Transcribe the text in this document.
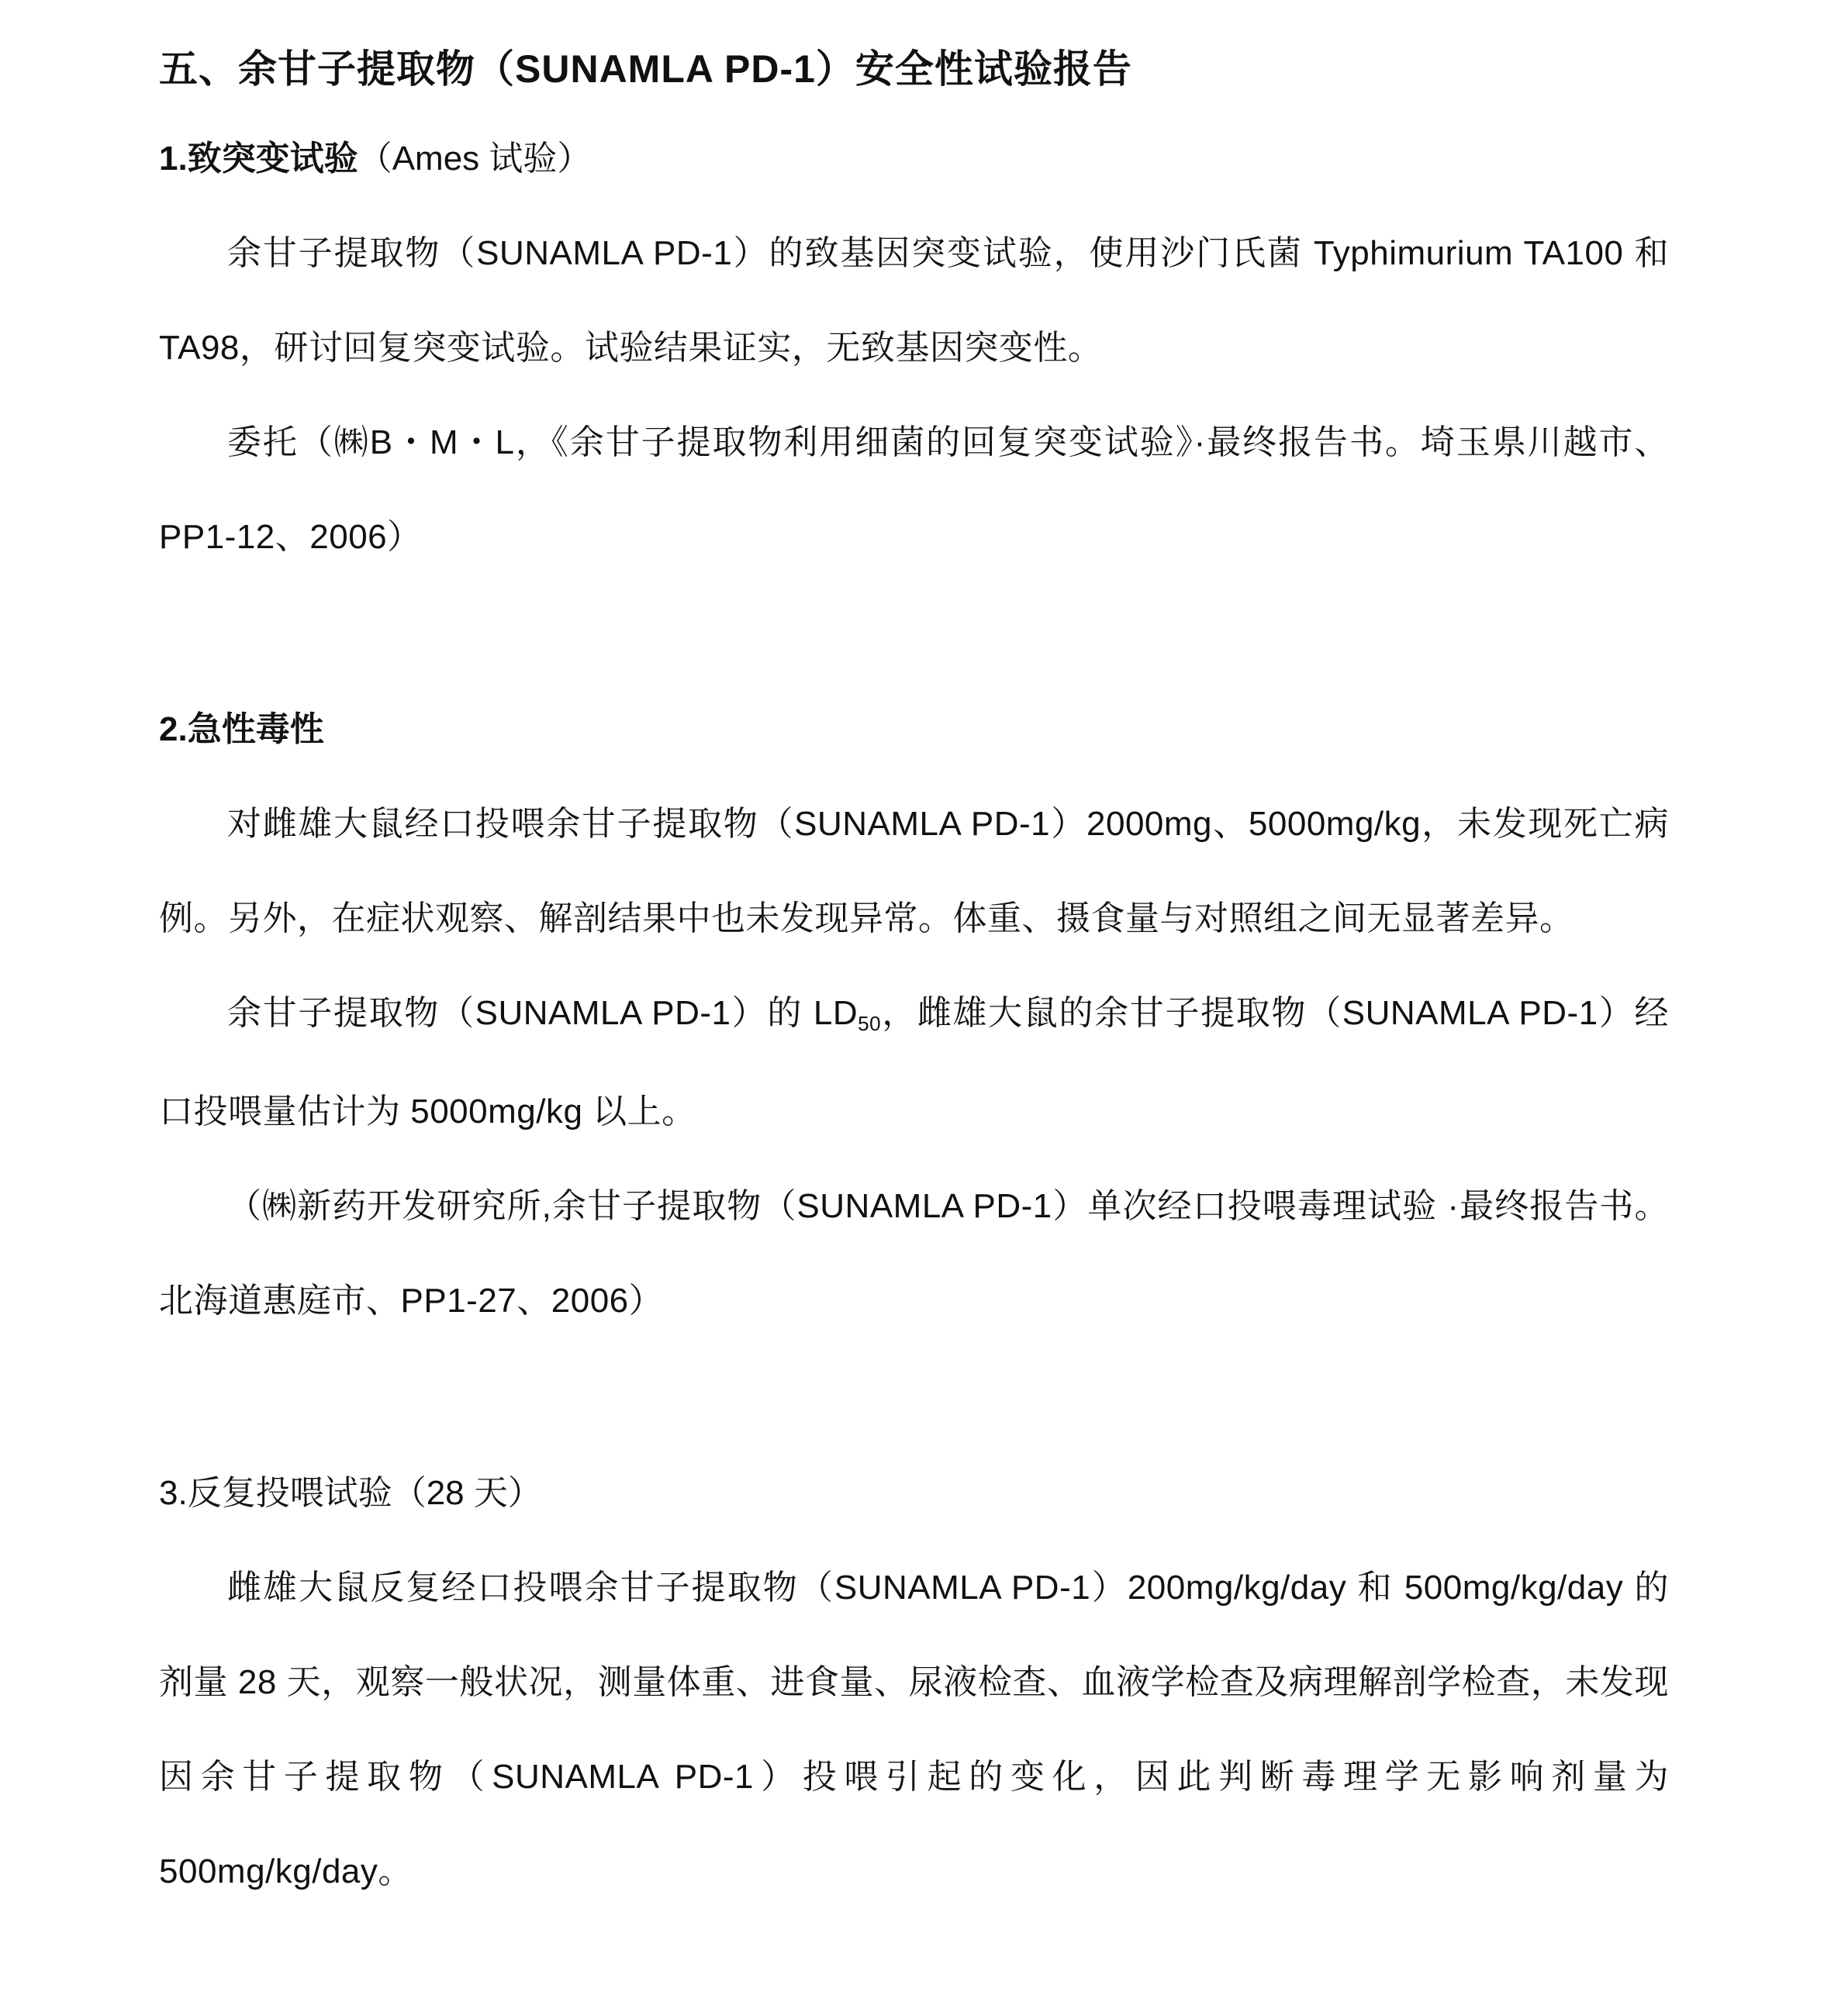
五、余甘子提取物（SUNAMLA PD-1）安全性试验报告
1.致突变试验（Ames 试验）

余甘子提取物（SUNAMLA PD-1）的致基因突变试验，使用沙门氏菌 Typhimurium TA100 和 TA98，研讨回复突变试验。试验结果证实，无致基因突变性。

委托（㈱B・M・L，《余甘子提取物利用细菌的回复突变试验》·最终报告书。埼玉県川越市、PP1-12、2006）

2.急性毒性

对雌雄大鼠经口投喂余甘子提取物（SUNAMLA PD-1）2000mg、5000mg/kg，未发现死亡病例。另外，在症状观察、解剖结果中也未发现异常。体重、摄食量与对照组之间无显著差异。

余甘子提取物（SUNAMLA PD-1）的 $LD_{50}$，雌雄大鼠的余甘子提取物（SUNAMLA PD-1）经口投喂量估计为 5000mg/kg 以上。

（㈱新药开发研究所,余甘子提取物（SUNAMLA PD-1）单次经口投喂毒理试验 ·最终报告书。北海道惠庭市、PP1-27、2006）

3.反复投喂试验（28 天）

雌雄大鼠反复经口投喂余甘子提取物（SUNAMLA PD-1）200mg/kg/day 和 500mg/kg/day 的剂量 28 天，观察一般状况，测量体重、进食量、尿液检查、血液学检查及病理解剖学检查，未发现因余甘子提取物（SUNAMLA PD-1）投喂引起的变化，因此判断毒理学无影响剂量为 500mg/kg/day。
